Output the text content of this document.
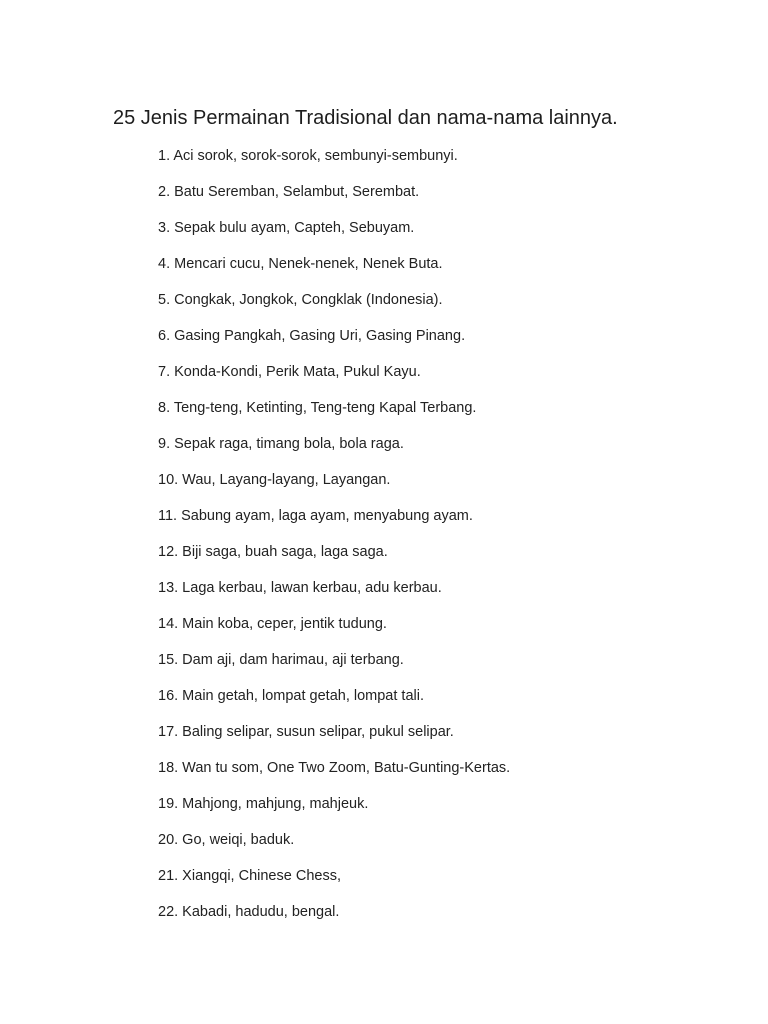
25 Jenis Permainan Tradisional dan nama-nama lainnya.
1. Aci sorok, sorok-sorok, sembunyi-sembunyi.
2. Batu Seremban, Selambut, Serembat.
3. Sepak bulu ayam, Capteh, Sebuyam.
4. Mencari cucu, Nenek-nenek, Nenek Buta.
5. Congkak, Jongkok, Congklak (Indonesia).
6. Gasing Pangkah, Gasing Uri, Gasing Pinang.
7. Konda-Kondi, Perik Mata, Pukul Kayu.
8. Teng-teng, Ketinting, Teng-teng Kapal Terbang.
9. Sepak raga, timang bola, bola raga.
10. Wau, Layang-layang, Layangan.
11. Sabung ayam, laga ayam, menyabung ayam.
12. Biji saga, buah saga, laga saga.
13. Laga kerbau, lawan kerbau, adu kerbau.
14. Main koba, ceper, jentik tudung.
15. Dam aji, dam harimau, aji terbang.
16. Main getah, lompat getah, lompat tali.
17. Baling selipar, susun selipar, pukul selipar.
18. Wan tu som, One Two Zoom, Batu-Gunting-Kertas.
19. Mahjong, mahjung, mahjeuk.
20. Go, weiqi, baduk.
21. Xiangqi, Chinese Chess,
22. Kabadi, hadudu, bengal.
